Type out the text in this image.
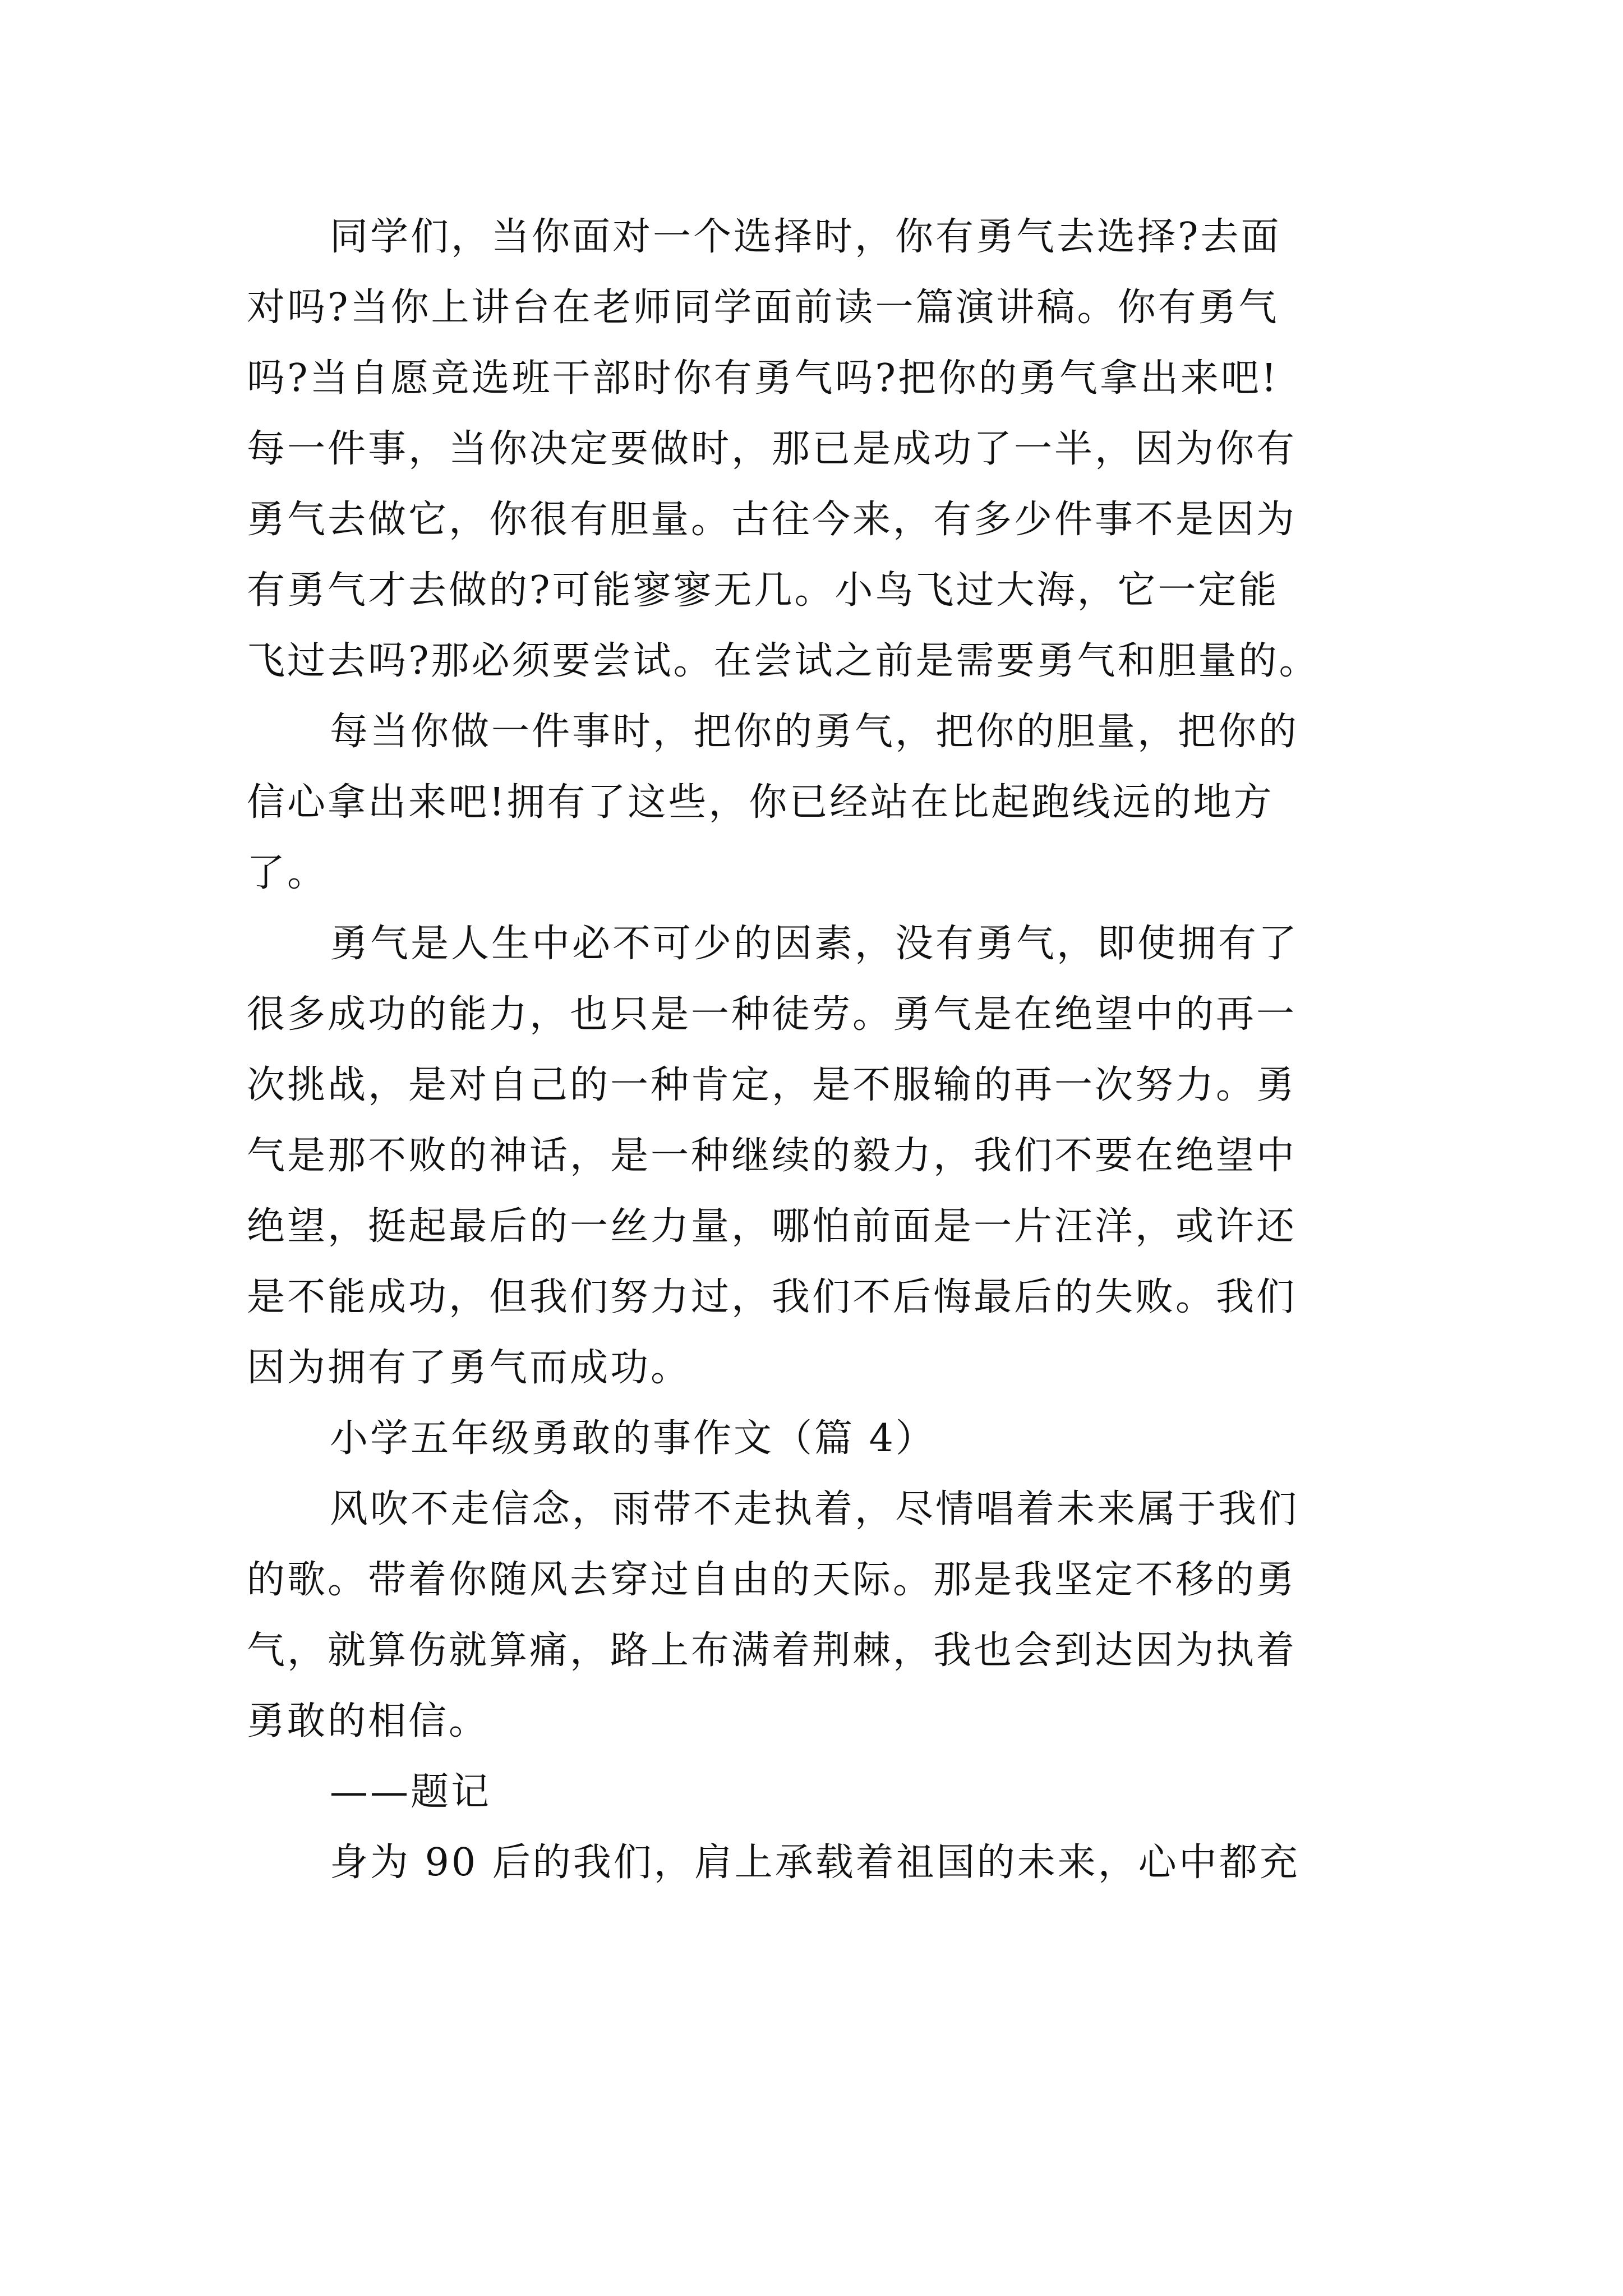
同学们，当你面对一个选择时，你有勇气去选择?去面
对吗?当你上讲台在老师同学面前读一篇演讲稿。你有勇气
吗?当自愿竞选班干部时你有勇气吗?把你的勇气拿出来吧!
每一件事，当你决定要做时，那已是成功了一半，因为你有
勇气去做它，你很有胆量。古往今来，有多少件事不是因为
有勇气才去做的?可能寥寥无几。小鸟飞过大海，它一定能
飞过去吗?那必须要尝试。在尝试之前是需要勇气和胆量的。
每当你做一件事时，把你的勇气，把你的胆量，把你的
信心拿出来吧!拥有了这些，你已经站在比起跑线远的地方
了。
勇气是人生中必不可少的因素，没有勇气，即使拥有了
很多成功的能力，也只是一种徒劳。勇气是在绝望中的再一
次挑战，是对自己的一种肯定，是不服输的再一次努力。勇
气是那不败的神话，是一种继续的毅力，我们不要在绝望中
绝望，挺起最后的一丝力量，哪怕前面是一片汪洋，或许还
是不能成功，但我们努力过，我们不后悔最后的失败。我们
因为拥有了勇气而成功。
小学五年级勇敢的事作文（篇 4）
风吹不走信念，雨带不走执着，尽情唱着未来属于我们
的歌。带着你随风去穿过自由的天际。那是我坚定不移的勇
气，就算伤就算痛，路上布满着荆棘，我也会到达因为执着
勇敢的相信。
——题记
身为 90 后的我们，肩上承载着祖国的未来，心中都充
